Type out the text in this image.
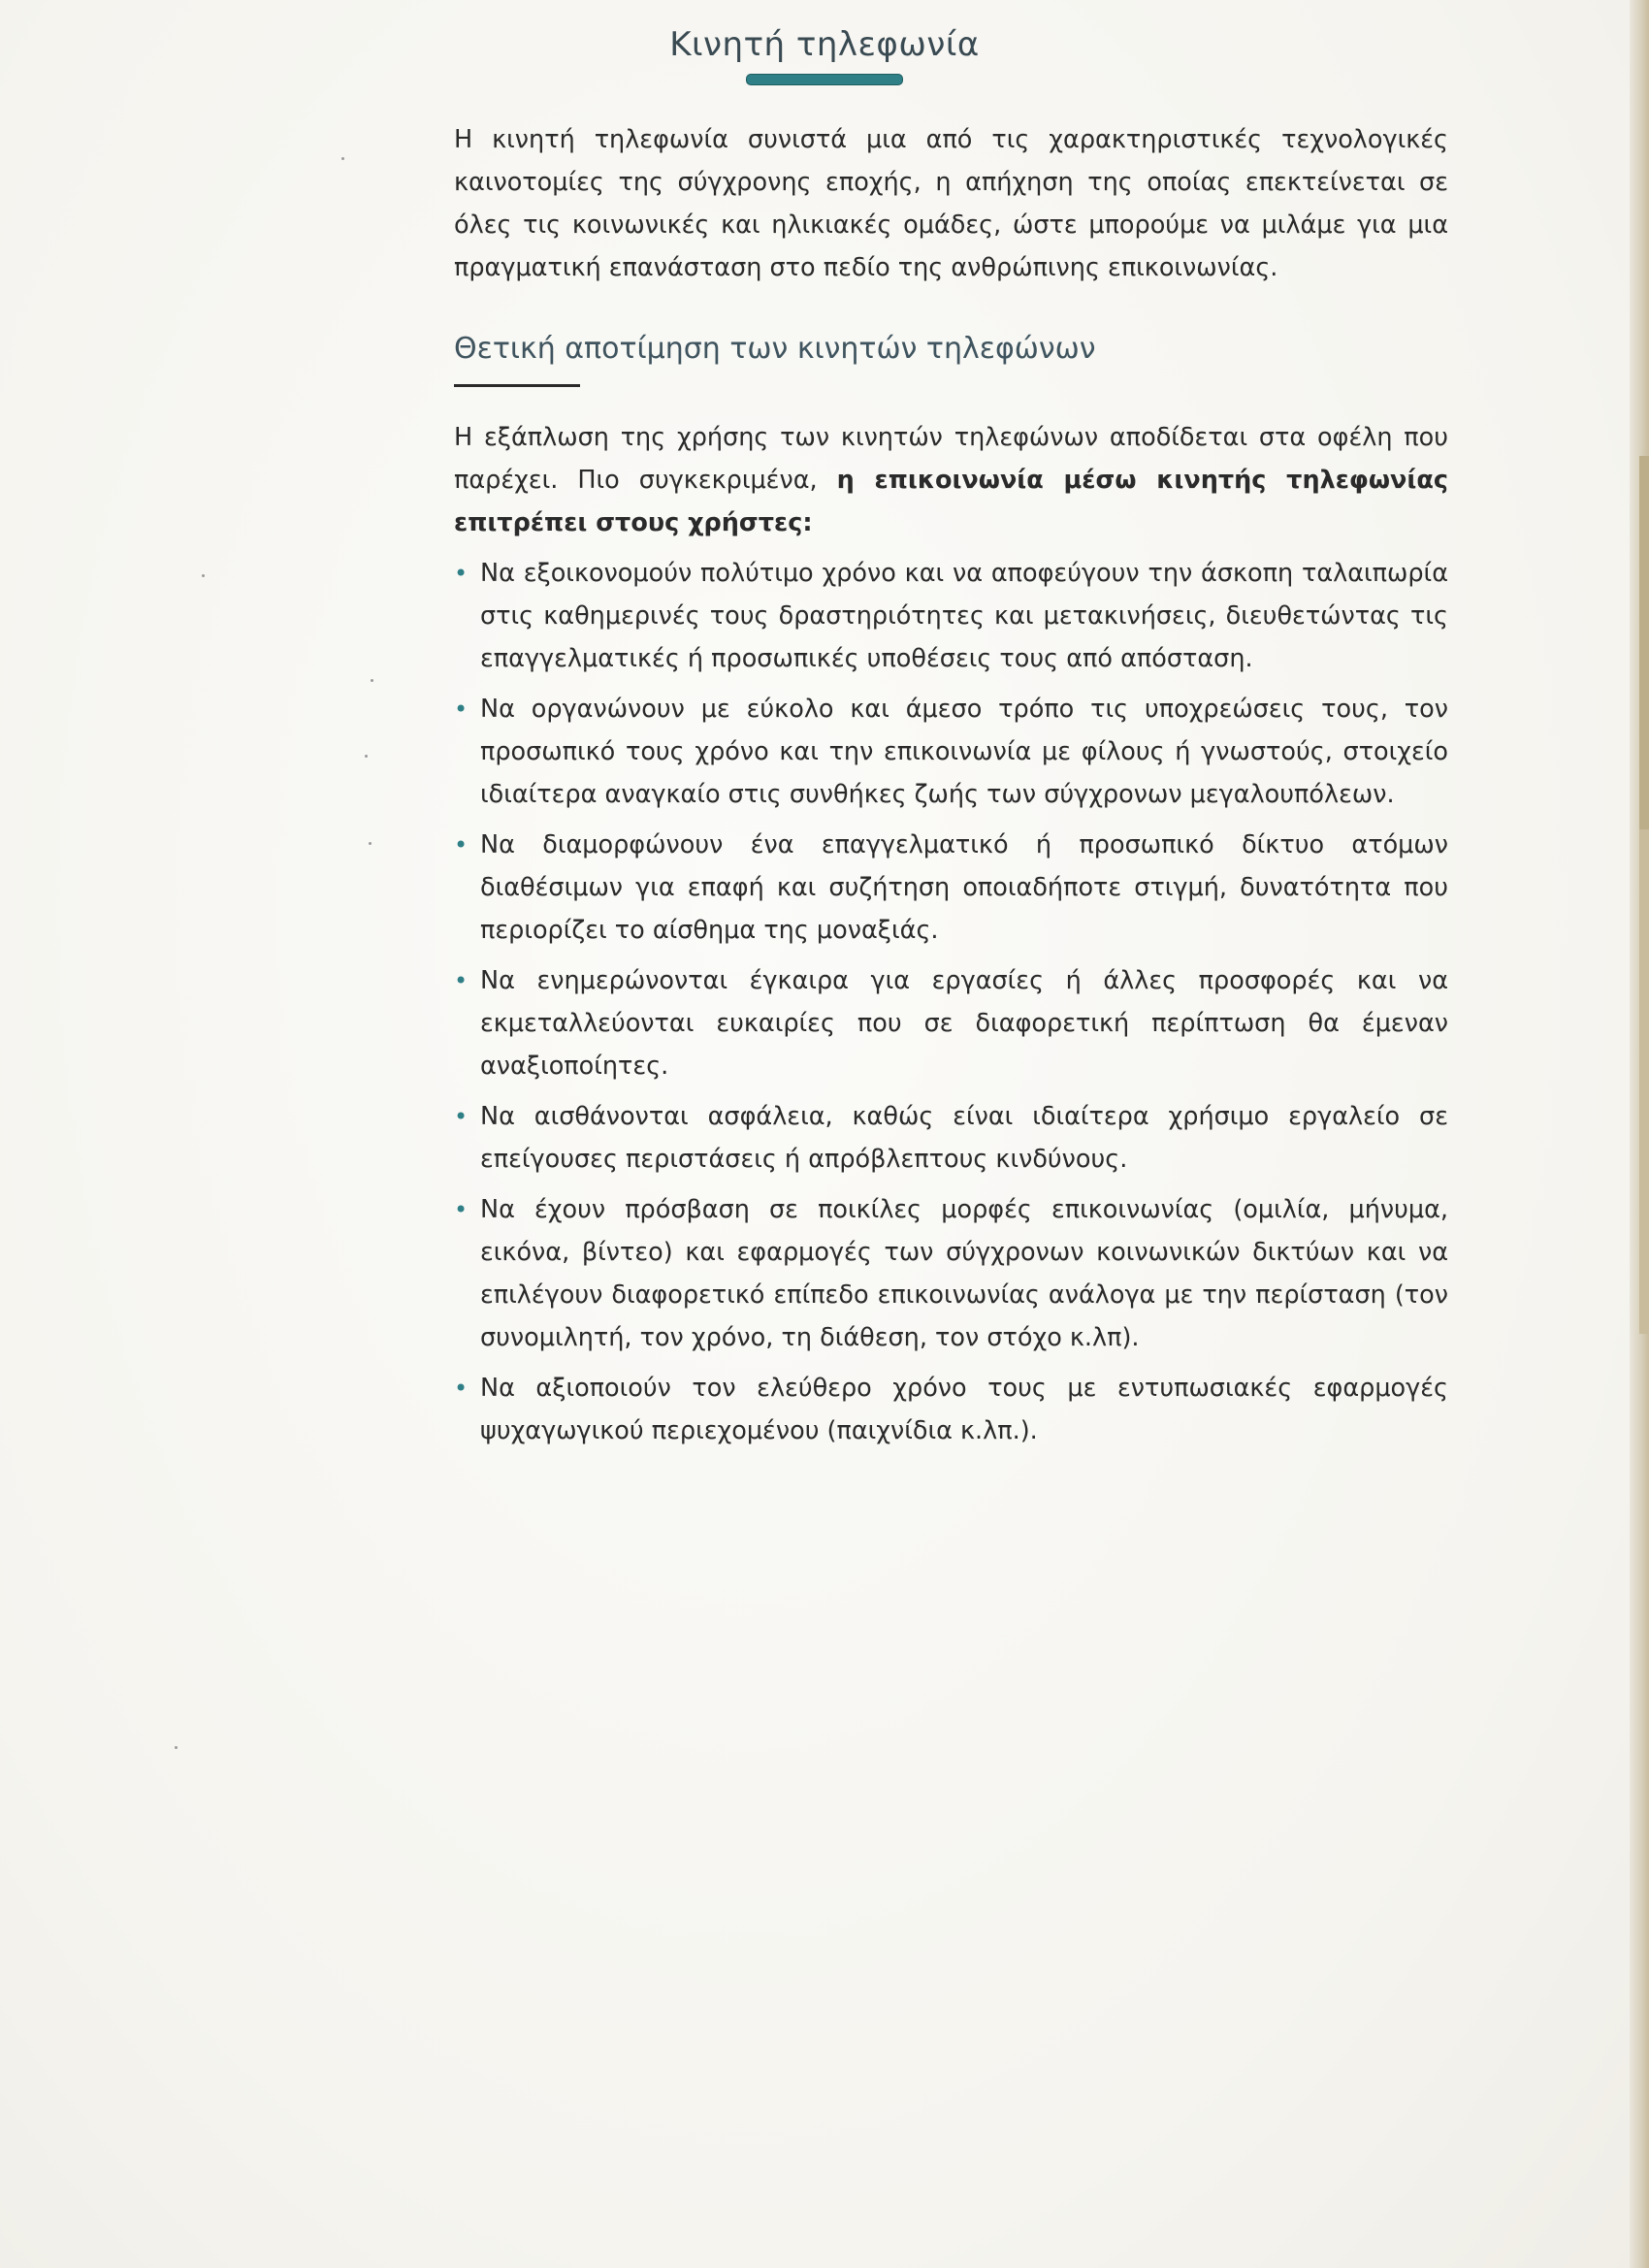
Κινητή τηλεφωνία

Η κινητή τηλεφωνία συνιστά μια από τις χαρακτηριστικές τεχνολογικές καινοτομίες της σύγχρονης εποχής, η απήχηση της οποίας επεκτείνεται σε όλες τις κοινωνικές και ηλικιακές ομάδες, ώστε μπορούμε να μιλάμε για μια πραγματική επανάσταση στο πεδίο της ανθρώπινης επικοινωνίας.

Θετική αποτίμηση των κινητών τηλεφώνων

Η εξάπλωση της χρήσης των κινητών τηλεφώνων αποδίδεται στα οφέλη που παρέχει. Πιο συγκεκριμένα, η επικοινωνία μέσω κινητής τηλεφωνίας επιτρέπει στους χρήστες:

• Να εξοικονομούν πολύτιμο χρόνο και να αποφεύγουν την άσκοπη ταλαιπωρία στις καθημερινές τους δραστηριότητες και μετακινήσεις, διευθετώντας τις επαγγελματικές ή προσωπικές υποθέσεις τους από απόσταση.
• Να οργανώνουν με εύκολο και άμεσο τρόπο τις υποχρεώσεις τους, τον προσωπικό τους χρόνο και την επικοινωνία με φίλους ή γνωστούς, στοιχείο ιδιαίτερα αναγκαίο στις συνθήκες ζωής των σύγχρονων μεγαλουπόλεων.
• Να διαμορφώνουν ένα επαγγελματικό ή προσωπικό δίκτυο ατόμων διαθέσιμων για επαφή και συζήτηση οποιαδήποτε στιγμή, δυνατότητα που περιορίζει το αίσθημα της μοναξιάς.
• Να ενημερώνονται έγκαιρα για εργασίες ή άλλες προσφορές και να εκμεταλλεύονται ευκαιρίες που σε διαφορετική περίπτωση θα έμεναν αναξιοποίητες.
• Να αισθάνονται ασφάλεια, καθώς είναι ιδιαίτερα χρήσιμο εργαλείο σε επείγουσες περιστάσεις ή απρόβλεπτους κινδύνους.
• Να έχουν πρόσβαση σε ποικίλες μορφές επικοινωνίας (ομιλία, μήνυμα, εικόνα, βίντεο) και εφαρμογές των σύγχρονων κοινωνικών δικτύων και να επιλέγουν διαφορετικό επίπεδο επικοινωνίας ανάλογα με την περίσταση (τον συνομιλητή, τον χρόνο, τη διάθεση, τον στόχο κ.λπ).
• Να αξιοποιούν τον ελεύθερο χρόνο τους με εντυπωσιακές εφαρμογές ψυχαγωγικού περιεχομένου (παιχνίδια κ.λπ.).
